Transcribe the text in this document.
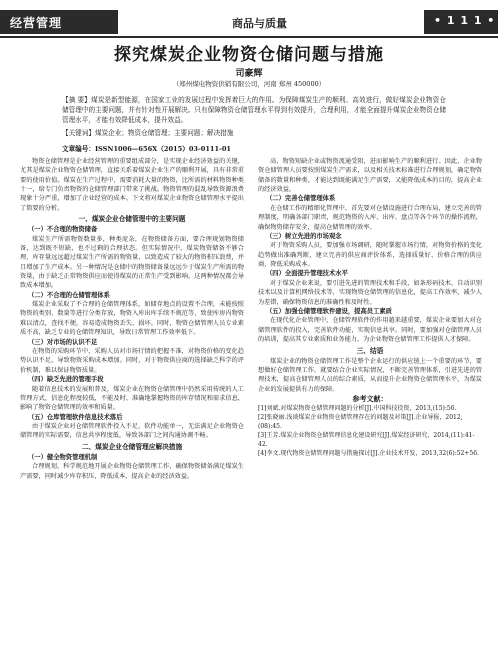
经营管理	商品与质量	• 1 1 1 •
探究煤炭企业物资仓储问题与措施
司豪辉
（郑州煤电物资供销有限公司，河南 郑州 450000）
【摘 要】煤炭是新型能源，在国家工业的发展过程中发挥着巨大的作用。为保障煤炭生产的顺利、高效进行，做好煤炭企业物资仓储管理中的主要问题，并有针对性开展解决。只有保障物资仓储管理水平得到有效提升，合理利用，才能全面提升煤炭企业物资仓储管理水平，才能有效降低成本，提升效益。
【关键词】煤炭企业；物资仓储管理；主要问题；解决措施
文章编号：ISSN1006—656X（2015）03-0111-01

物资仓储管理是企业经营管理的重要组成部分，是实现企业经济效益的关键，尤其是煤炭企业物资仓储管理，直接关系着煤炭企业生产的顺利开展，具有非常重要的使用价值。煤炭在生产过程中，需要消耗大量的物资，比所需的材料物资种类十一，给专门负责物资的仓储管理部门带来了挑战。物资管理的混乱导致资源浪费现象十分严重，增加了企业经营的成本。下文将对煤炭企业物资仓储管理水平提出了简要的分析。

一、煤炭企业仓储管理中的主要问题
（一）不合理的物资储备

煤炭生产所需物资数量多，种类庞杂，在物资储备方面，要合理规划物资储备，达到既不短缺，也不过剩的合理状态。但实际情况中，煤炭物资储备不够合理，库存量远远超过煤炭生产所需的物资量，以致造成了较大的物资积压浪费，并且增加了生产成本。另一种情况是仓储中的物资储备量远远少于煤炭生产所需的物资量，由于缺乏正常物资供应而使得煤炭的正常生产受到影响。这两种情况都会导致成本增加。

（二）不合理的仓储管理体系

煤炭企业采取了不合理的仓储管理体系，如储存地点的设置不合理，未能按照物资的类别、数量等进行分类存放，物资入库出库手续不规范等，致使库房内物资难以清点，查找不便，容易造成物资丢失、损坏。同时，物资仓储管理人员专业素质不高，缺乏专业的仓储管理知识，导致日常管理工作效率低下。

（三）对市场的认识不足

在物资的采购环节中，采购人员对市场行情的把握不准，对物资价格的变化趋势认识不足，导致物资采购成本增加。同时，对于物资供应商的选择缺乏科学的评价机制，难以保证物资质量。

（四）缺乏先进的管理手段

随着信息技术的发展和普及，煤炭企业在物资仓储管理中仍然采用传统的人工管理方式，信息化程度较低，不能及时、准确地掌握物资的库存情况和需求信息，影响了物资仓储管理的效率和质量。

（五）仓库管理软件信息技术落后

由于煤炭企业对仓储管理软件投入不足，软件功能单一，无法满足企业物资仓储管理的实际需要，信息共享程度低，导致各部门之间沟通协调不畅。

二、煤炭企业仓储管理应解决措施
（一）健全物资管理机制

合理规划，科学规范地开展企业物资仓储管理工作，确保物资储备满足煤炭生产需要，同时减少库存积压，降低成本，提高企业的经济效益。

高，物资短缺企业或物资流通受阻，进而影响生产的顺利进行。因此，企业物资仓储管理人员要按照煤炭生产需求，以及相关技术标准进行合理规划，确定物资储备的数量和种类，才能达到既能满足生产需要，又能降低成本的目的，提高企业的经济效益。

（二）完善仓储管理体系

在仓储工作的精细化管理中，首先要对仓储设施进行合理布局，建立完善的管理制度，明确各部门职责，规范物资的入库、出库、盘点等各个环节的操作流程，确保物资储存安全，提高仓储管理的效率。

（三）树立先进的市场观念

对于物资采购人员，要加强市场调研，随时掌握市场行情，对物资价格的变化趋势做出准确判断，建立完善的供应商评价体系，选择质量好、价格合理的供应商，降低采购成本。

（四）全面提升管理技术水平

对于煤炭企业来说，要引进先进的管理技术和手段，如条形码技术、自动识别技术以及计算机网络技术等，实现物资仓储管理的信息化，提高工作效率，减少人为差错，确保物资信息的准确性和及时性。

（五）加强仓储管理软件建设，提高员工素质

在现代化企业管理中，仓储管理软件的作用越来越重要，煤炭企业要加大对仓储管理软件的投入，完善软件功能，实现信息共享。同时，要加强对仓储管理人员的培训，提高其专业素质和业务能力，为企业物资仓储管理工作提供人才保障。

三、结语

煤炭企业的物资仓储管理工作是整个企业运行的供应链上一个重要的环节，要想做好仓储管理工作，就要结合企业实际情况，不断完善管理体系，引进先进的管理技术，提高仓储管理人员的综合素质，从而提升企业物资仓储管理水平，为煤炭企业的发展提供有力的保障。

参考文献：
[1]刘斌.对煤炭物资仓储管理问题的分析[J].中国科技投资，2013,(15):56.
[2]张晓丽.浅谈煤炭企业物资仓储管理存在的问题及对策[J].企业导报，2012,(08):45.
[3]王芳.煤炭企业物资仓储管理信息化建设研究[J].煤炭经济研究，2014,(11):41-42.
[4]李文.现代物资仓储管理问题与措施探讨[J].企业技术开发，2013,32(6):52+56.
